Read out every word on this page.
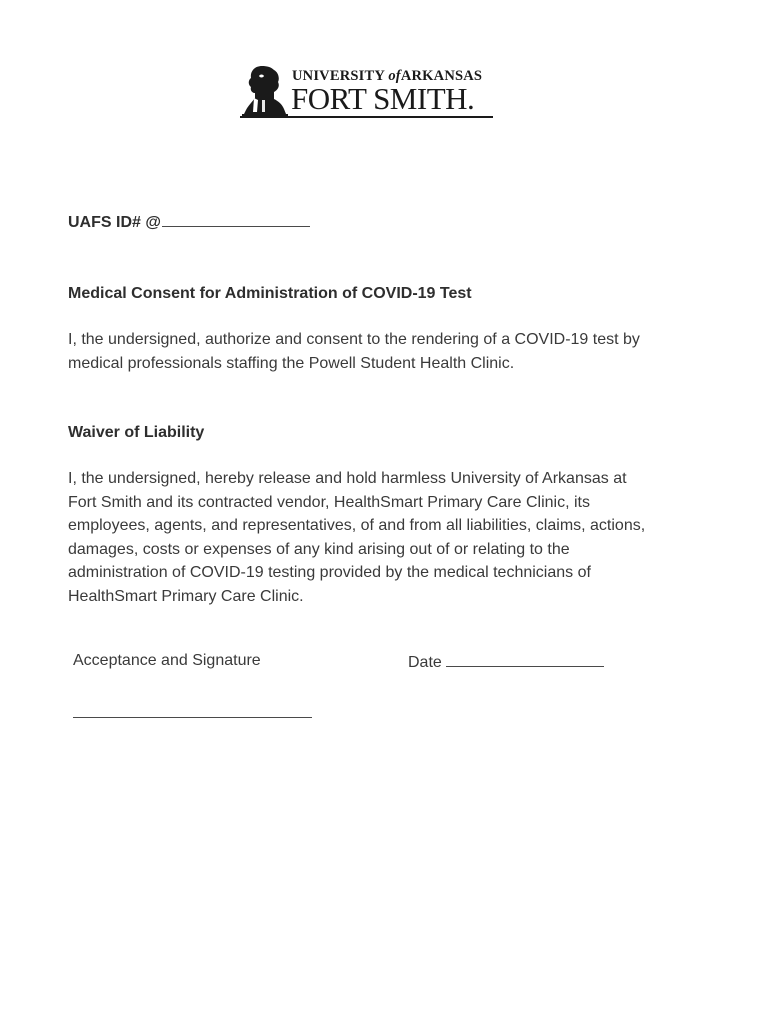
UNIVERSITY ofARKANSAS
FORT SMITH.
UAFS ID# @
Medical Consent for Administration of COVID-19 Test

I, the undersigned, authorize and consent to the rendering of a COVID-19 test by

medical professionals staffing the Powell Student Health Clinic.

Waiver of Liability

I, the undersigned, hereby release and hold harmless University of Arkansas at

Fort Smith and its contracted vendor, HealthSmart Primary Care Clinic, its

employees, agents, and representatives, of and from all liabilities, claims, actions,

damages, costs or expenses of any kind arising out of or relating to the

administration of COVID-19 testing provided by the medical technicians of

HealthSmart Primary Care Clinic.

Acceptance and Signature	Date
